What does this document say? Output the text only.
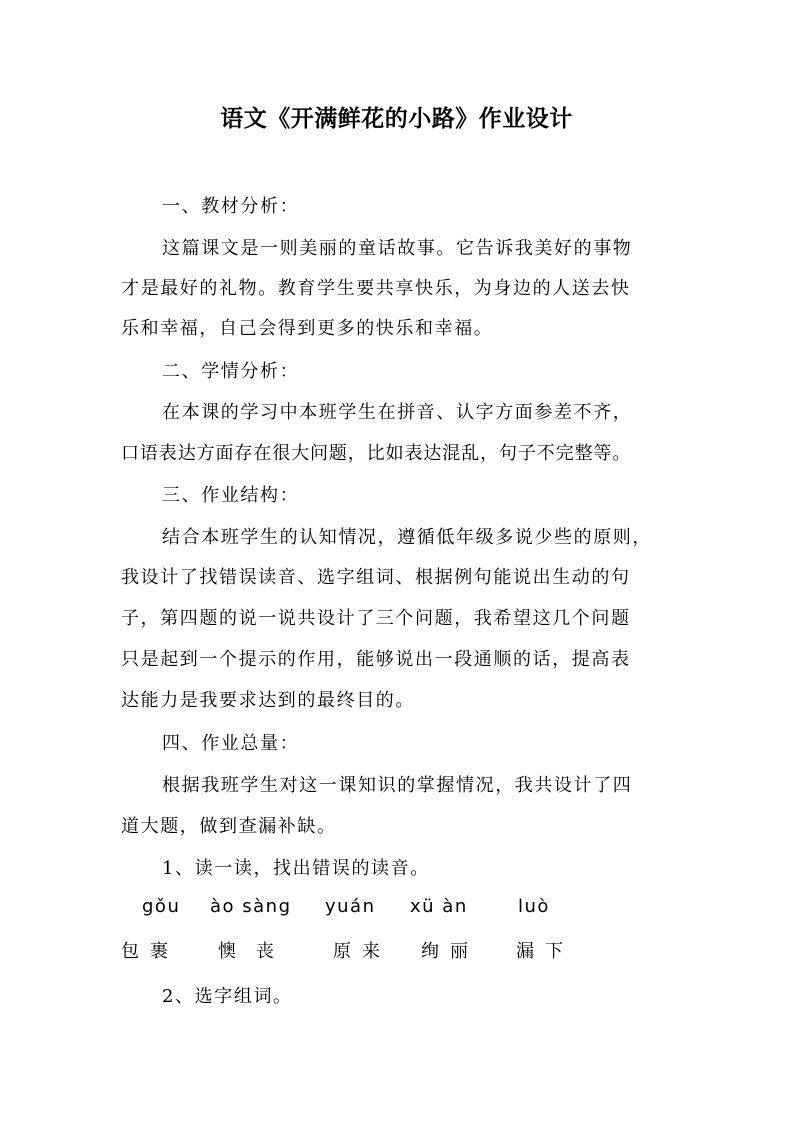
语文《开满鲜花的小路》作业设计
一、教材分析：
这篇课文是一则美丽的童话故事。它告诉我美好的事物
才是最好的礼物。教育学生要共享快乐，为身边的人送去快
乐和幸福，自己会得到更多的快乐和幸福。
二、学情分析：
在本课的学习中本班学生在拼音、认字方面参差不齐，
口语表达方面存在很大问题，比如表达混乱，句子不完整等。
三、作业结构：
结合本班学生的认知情况，遵循低年级多说少些的原则，
我设计了找错误读音、选字组词、根据例句能说出生动的句
子，第四题的说一说共设计了三个问题，我希望这几个问题
只是起到一个提示的作用，能够说出一段通顺的话，提高表
达能力是我要求达到的最终目的。
四、作业总量：
根据我班学生对这一课知识的掌握情况，我共设计了四
道大题，做到查漏补缺。
1、读一读，找出错误的读音。
gǒu ào sàng yuán xü àn	luò
包裹 懊丧 原来 绚丽 漏下
2、选字组词。
